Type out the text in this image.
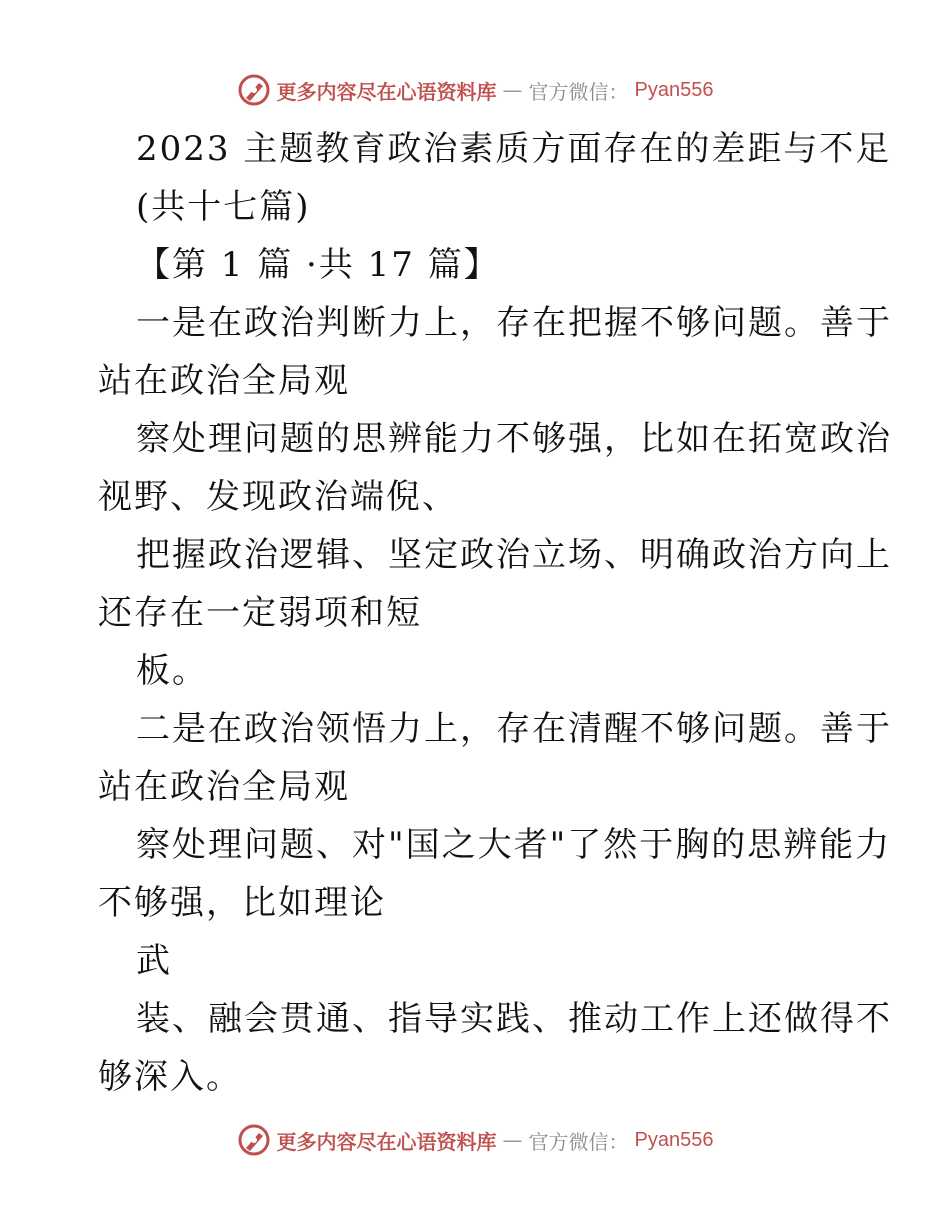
更多内容尽在心语资料库 — 官方微信： Pyan556
2023 主题教育政治素质方面存在的差距与不足
(共十七篇)
【第 1 篇 ·共 17 篇】
一是在政治判断力上，存在把握不够问题。善于
站在政治全局观
察处理问题的思辨能力不够强，比如在拓宽政治
视野、发现政治端倪、
把握政治逻辑、坚定政治立场、明确政治方向上
还存在一定弱项和短
板。
二是在政治领悟力上，存在清醒不够问题。善于
站在政治全局观
察处理问题、对"国之大者"了然于胸的思辨能力
不够强，比如理论
武
装、融会贯通、指导实践、推动工作上还做得不
够深入。
更多内容尽在心语资料库 — 官方微信： Pyan556
